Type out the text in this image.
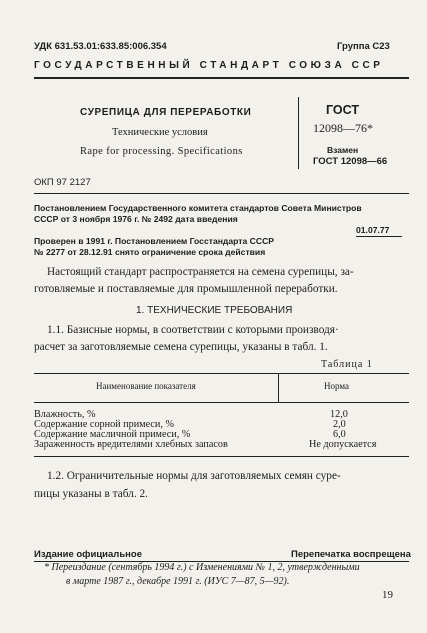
УДК 631.53.01:633.85:006.354	Группа С23
ГОСУДАРСТВЕННЫЙ СТАНДАРТ СОЮЗА ССР
СУРЕПИЦА ДЛЯ ПЕРЕРАБОТКИ
Технические условия
Rape for processing. Specifications
ГОСТ
12098—76*
Взамен
ГОСТ 12098—66
ОКП 97 2127
Постановлением Государственного комитета стандартов Совета Министров
СССР от 3 ноября 1976 г. № 2492 дата введения
01.07.77
Проверен в 1991 г. Постановлением Госстандарта СССР
№ 2277 от 28.12.91 снято ограничение срока действия
Настоящий стандарт распространяется на семена сурепицы, за-
готовляемые и поставляемые для промышленной переработки.
1. ТЕХНИЧЕСКИЕ ТРЕБОВАНИЯ
1.1. Базисные нормы, в соответствии с которыми производя·
расчет за заготовляемые семена сурепицы, указаны в табл. 1.
Таблица 1
Наименование показателя	Норма
Влажность, %	12,0
Содержание сорной примеси, %	2,0
Содержание масличной примеси, %	6,0
Зараженность вредителями хлебных запасов	Не допускается
1.2. Ограничительные нормы для заготовляемых семян суре-
пицы указаны в табл. 2.
Издание официальное	Перепечатка воспрещена
* Переиздание (сентябрь 1994 г.) с Изменениями № 1, 2, утвержденными
в марте 1987 г., декабре 1991 г. (ИУС 7—87, 5—92).
19
